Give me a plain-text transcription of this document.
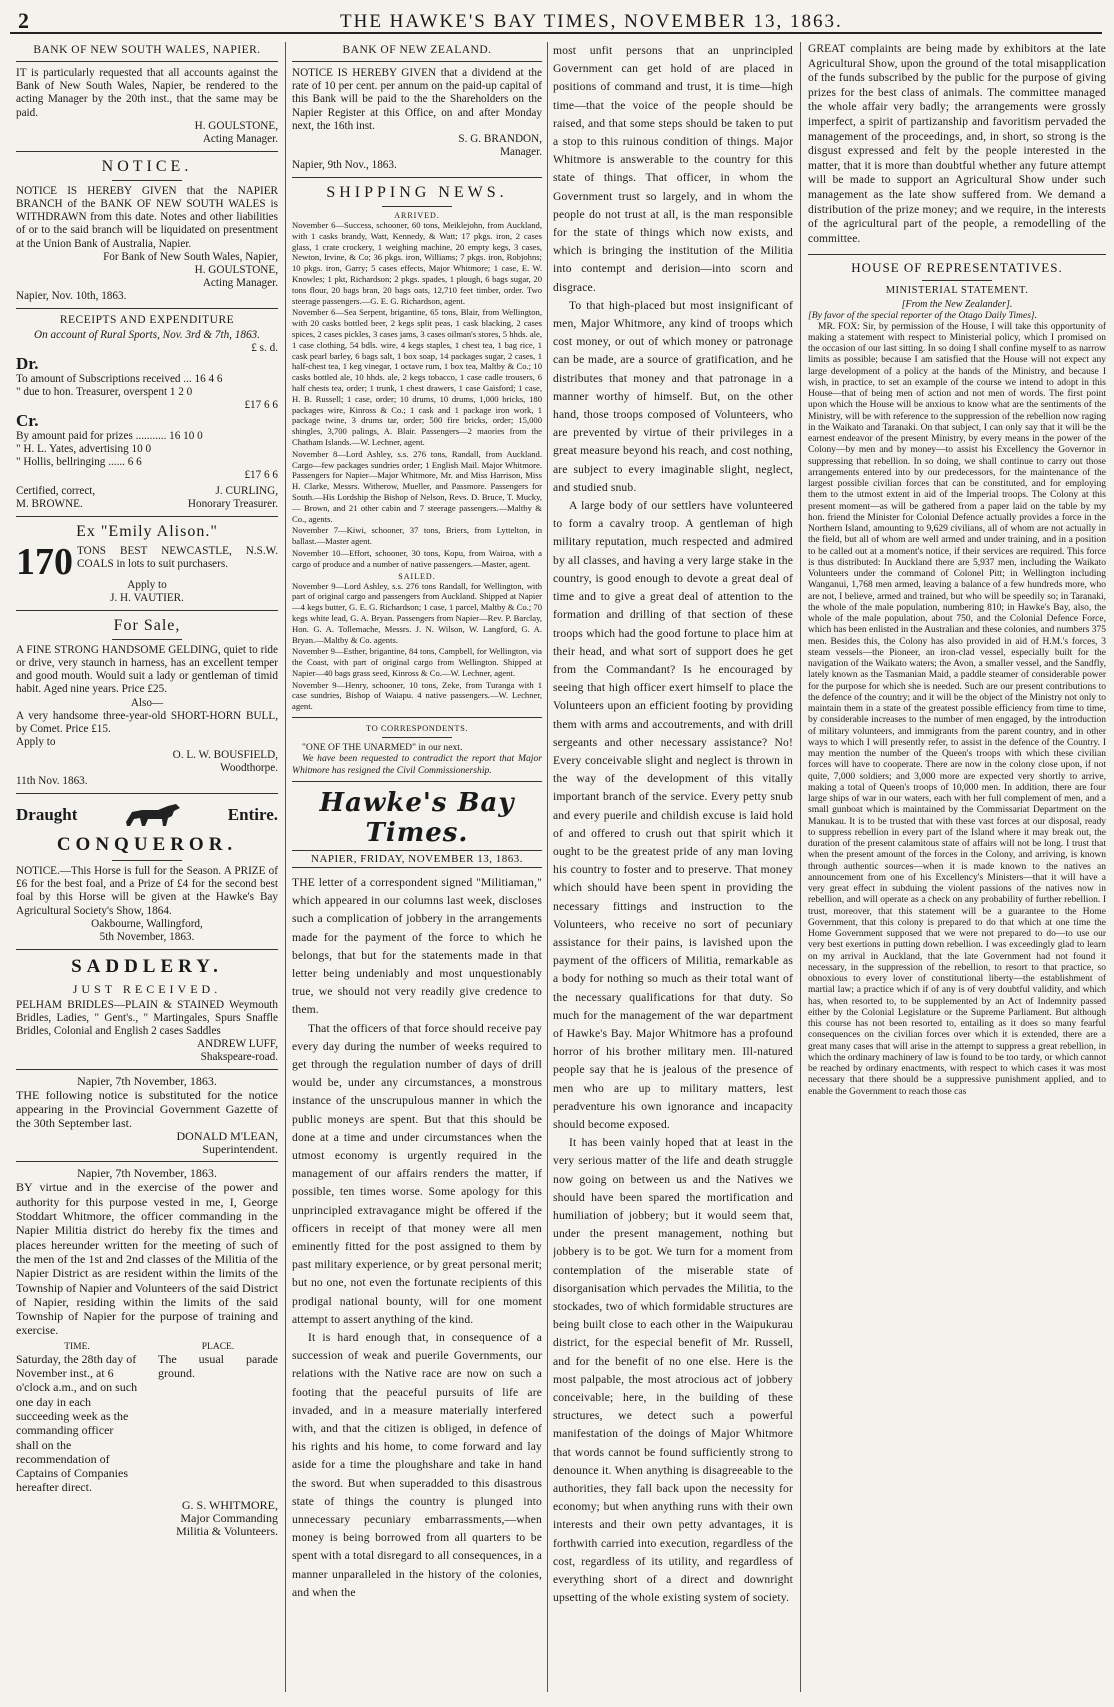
2	THE HAWKE'S BAY TIMES, NOVEMBER 13, 1863.
BANK OF NEW SOUTH WALES, NAPIER.

IT is particularly requested that all accounts against the Bank of New South Wales, Napier, be rendered to the acting Manager by the 20th inst., that the same may be paid.

H. GOULSTONE,
Acting Manager.
NOTICE.

NOTICE IS HEREBY GIVEN that the NAPIER BRANCH of the BANK OF NEW SOUTH WALES is WITHDRAWN from this date. Notes and other liabilities of or to the said branch will be liquidated on presentment at the Union Bank of Australia, Napier.

For Bank of New South Wales, Napier,
H. GOULSTONE,
Acting Manager.
Napier, Nov. 10th, 1863.
RECEIPTS AND EXPENDITURE
On account of Rural Sports, Nov. 3rd & 7th, 1863.
£ s. d.
Dr.
To amount of Subscriptions received ... 16 4 6
" due to hon. Treasurer, overspent 1 2 0
£17 6 6
Cr.
By amount paid for prizes ........... 16 10 0
" H. L. Yates, advertising 10 0
" Hollis, bellringing ...... 6 6
£17 6 6
Certified, correct,
M. BROWNE.
J. CURLING,
Honorary Treasurer.
Ex "Emily Alison."
170 TONS BEST NEWCASTLE, N.S.W. COALS in lots to suit purchasers.

Apply to
J. H. VAUTIER.
For Sale,

A FINE STRONG HANDSOME GELDING, quiet to ride or drive, very staunch in harness, has an excellent temper and good mouth. Would suit a lady or gentleman of timid habit. Aged nine years. Price £25.

Also—

A very handsome three-year-old SHORT-HORN BULL, by Comet. Price £15.

Apply to
O. L. W. BOUSFIELD,
Woodthorpe.
11th Nov. 1863.
Draught	Entire.
CONQUEROR.

NOTICE.—This Horse is full for the Season. A PRIZE of £6 for the best foal, and a Prize of £4 for the second best foal by this Horse will be given at the Hawke's Bay Agricultural Society's Show, 1864.

Oakbourne, Wallingford,
5th November, 1863.
SADDLERY.
JUST RECEIVED.

PELHAM BRIDLES—PLAIN & STAINED Weymouth Bridles, Ladies, " Gent's., " Martingales, Spurs Snaffle Bridles, Colonial and English 2 cases Saddles

ANDREW LUFF,
Shakspeare-road.
Napier, 7th November, 1863.

THE following notice is substituted for the notice appearing in the Provincial Government Gazette of the 30th September last.

DONALD M'LEAN,
Superintendent.
Napier, 7th November, 1863.

BY virtue and in the exercise of the power and authority for this purpose vested in me, I, George Stoddart Whitmore, the officer commanding in the Napier Militia district do hereby fix the times and places hereunder written for the meeting of such of the men of the 1st and 2nd classes of the Militia of the Napier District as are resident within the limits of the Township of Napier and Volunteers of the said District of Napier, residing within the limits of the said Township of Napier for the purpose of training and exercise.

TIME.

Saturday, the 28th day of November inst., at 6 o'clock a.m., and on such one day in each succeeding week as the commanding officer shall on the recommendation of Captains of Companies hereafter direct.

PLACE.

The usual parade ground.

G. S. WHITMORE,
Major Commanding
Militia & Volunteers.
BANK OF NEW ZEALAND.

NOTICE IS HEREBY GIVEN that a dividend at the rate of 10 per cent. per annum on the paid-up capital of this Bank will be paid to the the Shareholders on the Napier Register at this Office, on and after Monday next, the 16th inst.

S. G. BRANDON,
Manager.
Napier, 9th Nov., 1863.
SHIPPING NEWS.
ARRIVED.

November 6—Success, schooner, 60 tons, Meiklejohn, from Auckland, with 1 casks brandy, Watt, Kennedy, & Watt; 17 pkgs. iron, 2 cases glass, 1 crate crockery, 1 weighing machine, 20 empty kegs, 3 cases, Newton, Irvine, & Co; 36 pkgs. iron, Williams; 7 pkgs. iron, Robjohns; 10 pkgs. iron, Garry; 5 cases effects, Major Whitmore; 1 case, E. W. Knowles; 1 pkt, Richardson; 2 pkgs. spades, 1 plough, 6 bags sugar, 20 tons flour, 20 bags bran, 20 bags oats, 12,710 feet timber, order. Two steerage passengers.—G. E. G. Richardson, agent.

November 6—Sea Serpent, brigantine, 65 tons, Blair, from Wellington, with 20 casks bottled beer, 2 kegs split peas, 1 cask blacking, 2 cases spices, 2 cases pickles, 3 cases jams, 3 cases oilman's stores, 5 hhds. ale, 1 case clothing, 54 bdls. wire, 4 kegs staples, 1 chest tea, 1 bag rice, 1 cask pearl barley, 6 bags salt, 1 box soap, 14 packages sugar, 2 cases, 1 half-chest tea, 1 keg vinegar, 1 octave rum, 1 box tea, Maltby & Co.; 10 casks bottled ale, 10 hhds. ale, 2 kegs tobacco, 1 case cadle trousers, 6 half chests tea, order; 1 trunk, 1 chest drawers, 1 case Gaisford; 1 case, H. B. Russell; 1 case, order; 10 drums, 10 drums, 1,000 bricks, 180 packages wire, Kinross & Co.; 1 cask and 1 package iron work, 1 package twine, 3 drums tar, order; 500 fire bricks, order; 15,000 shingles, 3,700 palings, A. Blair. Passengers—2 maories from the Chatham Islands.—W. Lechner, agent.

November 8—Lord Ashley, s.s. 276 tons, Randall, from Auckland. Cargo—few packages sundries order; 1 English Mail. Major Whitmore. Passengers for Napier—Major Whitmore, Mr. and Miss Harrison, Miss H. Clarke, Messrs. Witherow, Mueller, and Passmore. Passengers for South.—His Lordship the Bishop of Nelson, Revs. D. Bruce, T. Mucky, — Brown, and 21 other cabin and 7 steerage passengers.—Maltby & Co., agents.

November 7—Kiwi, schooner, 37 tons, Briers, from Lyttelton, in ballast.—Master agent.

November 10—Effort, schooner, 30 tons, Kopu, from Wairoa, with a cargo of produce and a number of native passengers.—Master, agent.

SAILED.

November 9—Lord Ashley, s.s. 276 tons Randall, for Wellington, with part of original cargo and passengers from Auckland. Shipped at Napier—4 kegs butter, G. E. G. Richardson; 1 case, 1 parcel, Maltby & Co.; 70 kegs white lead, G. A. Bryan. Passengers from Napier—Rev. P. Barclay, Hon. G. A. Tollemache, Messrs. J. N. Wilson, W. Langford, G. A. Bryan.—Maltby & Co. agents.

November 9—Esther, brigantine, 84 tons, Campbell, for Wellington, via the Coast, with part of original cargo from Wellington. Shipped at Napier—40 bags grass seed, Kinross & Co.—W. Lechner, agent.

November 9—Henry, schooner, 10 tons, Zeke, from Turanga with 1 case sundries, Bishop of Waiapu. 4 native passengers.—W. Lechner, agent.

TO CORRESPONDENTS.

"ONE OF THE UNARMED" in our next.

We have been requested to contradict the report that Major Whitmore has resigned the Civil Commissionership.

Hawke's Bay Times.
NAPIER, FRIDAY, NOVEMBER 13, 1863.

THE letter of a correspondent signed "Militiaman," which appeared in our columns last week, discloses such a complication of jobbery in the arrangements made for the payment of the force to which he belongs, that but for the statements made in that letter being undeniably and most unquestionably true, we should not very readily give credence to them.

That the officers of that force should receive pay every day during the number of weeks required to get through the regulation number of days of drill would be, under any circumstances, a monstrous instance of the unscrupulous manner in which the public moneys are spent. But that this should be done at a time and under circumstances when the utmost economy is urgently required in the management of our affairs renders the matter, if possible, ten times worse. Some apology for this unprincipled extravagance might be offered if the officers in receipt of that money were all men eminently fitted for the post assigned to them by past military experience, or by great personal merit; but no one, not even the fortunate recipients of this prodigal national bounty, will for one moment attempt to assert anything of the kind.

It is hard enough that, in consequence of a succession of weak and puerile Governments, our relations with the Native race are now on such a footing that the peaceful pursuits of life are invaded, and in a measure materially interfered with, and that the citizen is obliged, in defence of his rights and his home, to come forward and lay aside for a time the ploughshare and take in hand the sword. But when superadded to this disastrous state of things the country is plunged into unnecessary pecuniary embarrassments,—when money is being borrowed from all quarters to be spent with a total disregard to all consequences, in a manner unparalleled in the history of the colonies, and when the

most unfit persons that an unprincipled Government can get hold of are placed in positions of command and trust, it is time—high time—that the voice of the people should be raised, and that some steps should be taken to put a stop to this ruinous condition of things. Major Whitmore is answerable to the country for this state of things. That officer, in whom the Government trust so largely, and in whom the people do not trust at all, is the man responsible for the state of things which now exists, and which is bringing the institution of the Militia into contempt and derision—into scorn and disgrace.

To that high-placed but most insignificant of men, Major Whitmore, any kind of troops which cost money, or out of which money or patronage can be made, are a source of gratification, and he distributes that money and that patronage in a manner worthy of himself. But, on the other hand, those troops composed of Volunteers, who are prevented by virtue of their privileges in a great measure beyond his reach, and cost nothing, are subject to every imaginable slight, neglect, and studied snub.

A large body of our settlers have volunteered to form a cavalry troop. A gentleman of high military reputation, much respected and admired by all classes, and having a very large stake in the country, is good enough to devote a great deal of time and to give a great deal of attention to the formation and drilling of that section of these troops which had the good fortune to place him at their head, and what sort of support does he get from the Commandant? Is he encouraged by seeing that high officer exert himself to place the Volunteers upon an efficient footing by providing them with arms and accoutrements, and with drill sergeants and other necessary assistance? No! Every conceivable slight and neglect is thrown in the way of the development of this vitally important branch of the service. Every petty snub and every puerile and childish excuse is laid hold of and offered to crush out that spirit which it ought to be the greatest pride of any man loving his country to foster and to preserve. That money which should have been spent in providing the necessary fittings and instruction to the Volunteers, who receive no sort of pecuniary assistance for their pains, is lavished upon the payment of the officers of Militia, remarkable as a body for nothing so much as their total want of the necessary qualifications for that duty. So much for the management of the war department of Hawke's Bay. Major Whitmore has a profound horror of his brother military men. Ill-natured people say that he is jealous of the presence of men who are up to military matters, lest peradventure his own ignorance and incapacity should become exposed.

It has been vainly hoped that at least in the very serious matter of the life and death struggle now going on between us and the Natives we should have been spared the mortification and humiliation of jobbery; but it would seem that, under the present management, nothing but jobbery is to be got. We turn for a moment from contemplation of the miserable state of disorganisation which pervades the Militia, to the stockades, two of which formidable structures are being built close to each other in the Waipukurau district, for the especial benefit of Mr. Russell, and for the benefit of no one else. Here is the most palpable, the most atrocious act of jobbery conceivable; here, in the building of these structures, we detect such a powerful manifestation of the doings of Major Whitmore that words cannot be found sufficiently strong to denounce it. When anything is disagreeable to the authorities, they fall back upon the necessity for economy; but when anything runs with their own interests and their own petty advantages, it is forthwith carried into execution, regardless of the cost, regardless of its utility, and regardless of everything short of a direct and downright upsetting of the whole existing system of society.

GREAT complaints are being made by exhibitors at the late Agricultural Show, upon the ground of the total misapplication of the funds subscribed by the public for the purpose of giving prizes for the best class of animals. The committee managed the whole affair very badly; the arrangements were grossly imperfect, a spirit of partizanship and favoritism pervaded the management of the proceedings, and, in short, so strong is the disgust expressed and felt by the people interested in the matter, that it is more than doubtful whether any future attempt will be made to support an Agricultural Show under such management as the late show suffered from. We demand a distribution of the prize money; and we require, in the interests of the agricultural part of the people, a remodelling of the committee.

HOUSE OF REPRESENTATIVES.
MINISTERIAL STATEMENT.
[From the New Zealander].

[By favor of the special reporter of the Otago Daily Times].

MR. FOX: Sir, by permission of the House, I will take this opportunity of making a statement with respect to Ministerial policy, which I promised on the occasion of our last sitting. In so doing I shall confine myself to as narrow limits as possible; because I am satisfied that the House will not expect any large development of a policy at the hands of the Ministry, and because I wish, in practice, to set an example of the course we intend to adopt in this House—that of being men of action and not men of words. The first point upon which the House will be anxious to know what are the sentiments of the Ministry, will be with reference to the suppression of the rebellion now raging in the Waikato and Taranaki. On that subject, I can only say that it will be the earnest endeavor of the present Ministry, by every means in the power of the Colony—by men and by money—to assist his Excellency the Governor in suppressing that rebellion. In so doing, we shall continue to carry out those arrangements entered into by our predecessors, for the maintenance of the largest possible civilian forces that can be constituted, and for employing them to the utmost extent in aid of the Imperial troops. The Colony at this present moment—as will be gathered from a paper laid on the table by my hon. friend the Minister for Colonial Defence actually provides a force in the Northern Island, amounting to 9,629 civilians, all of whom are not actually in the field, but all of whom are well armed and under training, and in a position to be called out at a moment's notice, if their services are required. This force is thus distributed: In Auckland there are 5,937 men, including the Waikato Volunteers under the command of Colonel Pitt; in Wellington including Wanganui, 1,768 men armed, leaving a balance of a few hundreds more, who are not, I believe, armed and trained, but who will be speedily so; in Taranaki, the whole of the male population, numbering 810; in Hawke's Bay, also, the whole of the male population, about 750, and the Colonial Defence Force, which has been enlisted in the Australian and these colonies, and numbers 375 men. Besides this, the Colony has also provided in aid of H.M.'s forces, 3 steam vessels—the Pioneer, an iron-clad vessel, especially built for the navigation of the Waikato waters; the Avon, a smaller vessel, and the Sandfly, lately known as the Tasmanian Maid, a paddle steamer of considerable power for the purpose for which she is needed. Such are our present contributions to the defence of the country; and it will be the object of the Ministry not only to maintain them in a state of the greatest possible efficiency from time to time, by considerable increases to the number of men engaged, by the introduction of military volunteers, and immigrants from the parent country, and in other ways to which I will presently refer, to assist in the defence of the Country. I may mention the number of the Queen's troops with which these civilian forces will have to cooperate. There are now in the colony close upon, if not quite, 7,000 soldiers; and 3,000 more are expected very shortly to arrive, making a total of Queen's troops of 10,000 men. In addition, there are four large ships of war in our waters, each with her full complement of men, and a small gunboat which is maintained by the Commissariat Department on the Manukau. It is to be trusted that with these vast forces at our disposal, ready to suppress rebellion in every part of the Island where it may break out, the duration of the present calamitous state of affairs will not be long. I trust that when the present amount of the forces in the Colony, and arriving, is known through authentic sources—when it is made known to the natives an announcement from one of his Excellency's Ministers—that it will have a very great effect in subduing the violent passions of the natives now in rebellion, and will operate as a check on any probability of further rebellion. I trust, moreover, that this statement will be a guarantee to the Home Government, that this colony is prepared to do that which at one time the Home Government supposed that we were not prepared to do—to use our very best exertions in putting down rebellion. I was exceedingly glad to learn on my arrival in Auckland, that the late Government had not found it necessary, in the suppression of the rebellion, to resort to that practice, so obnoxious to every lover of constitutional liberty—the establishment of martial law; a practice which if of any is of very doubtful validity, and which has, when resorted to, to be supplemented by an Act of Indemnity passed either by the Colonial Legislature or the Supreme Parliament. But although this course has not been resorted to, entailing as it does so many fearful consequences on the civilian forces over which it is extended, there are a great many cases that will arise in the attempt to suppress a great rebellion, in which the ordinary machinery of law is found to be too tardy, or which cannot be reached by ordinary enactments, with respect to which cases it was most necessary that there should be a suppressive punishment applied, and to enable the Government to reach those cas
